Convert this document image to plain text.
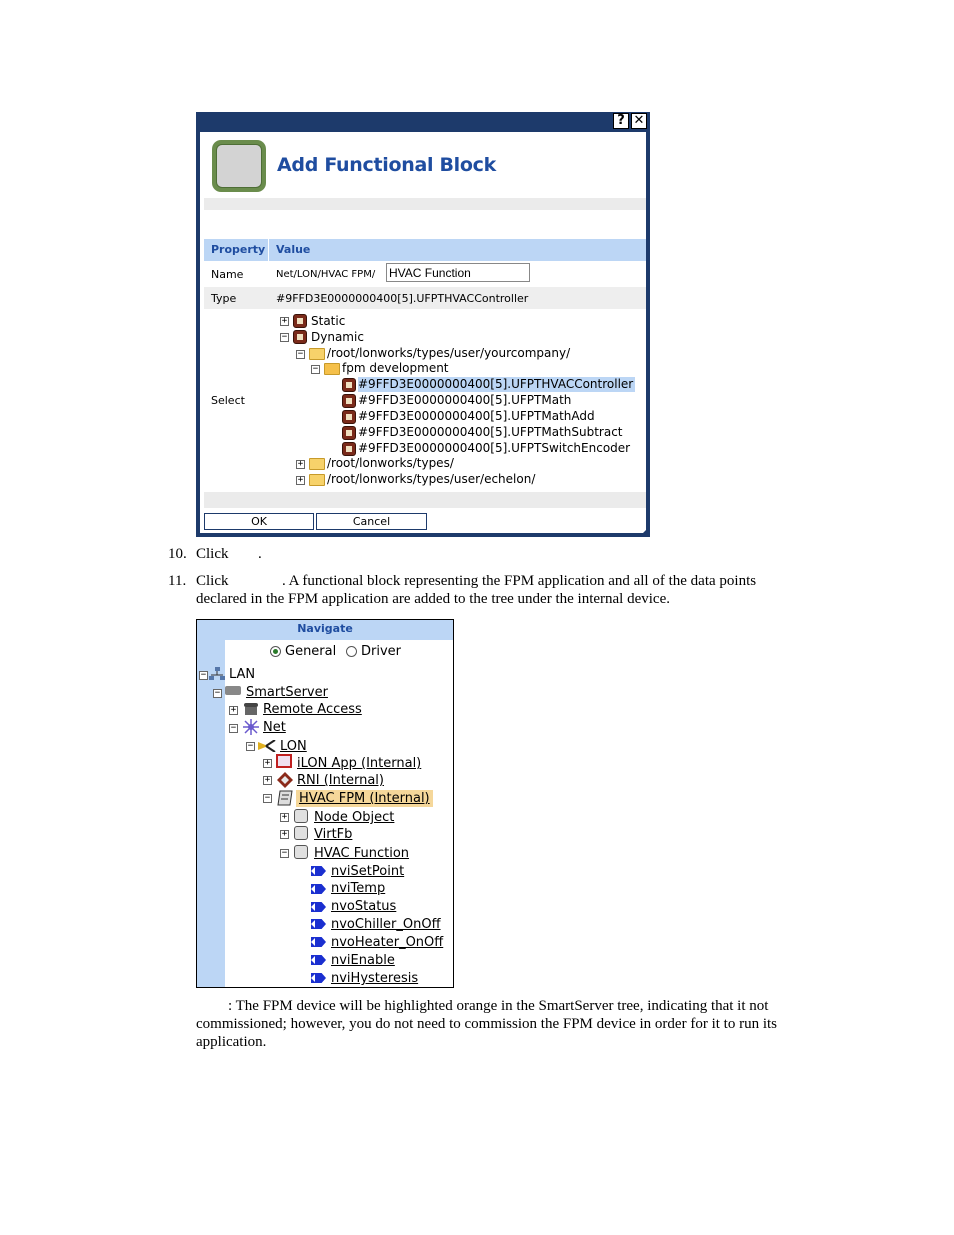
? ✕
Add Functional Block
Property Value
Name	Net/LON/HVAC FPM/
HVAC Function
Type	#9FFD3E0000000400[5].UFPTHVACController
Select
+ Static
− Dynamic
− /root/lonworks/types/user/yourcompany/
− fpm development
#9FFD3E0000000400[5].UFPTHVACController
#9FFD3E0000000400[5].UFPTMath
#9FFD3E0000000400[5].UFPTMathAdd
#9FFD3E0000000400[5].UFPTMathSubtract
#9FFD3E0000000400[5].UFPTSwitchEncoder
+ /root/lonworks/types/
+ /root/lonworks/types/user/echelon/
OK	Cancel
10. Click .
11. Click	. A functional block representing the FPM application and all of the data points
declared in the FPM application are added to the tree under the internal device.
Navigate
General Driver
− LAN
− SmartServer
+ Remote Access
− Net
− LON
+ iLON App (Internal)
+ RNI (Internal)
− HVAC FPM (Internal)
+ Node Object
+ VirtFb
− HVAC Function
nviSetPoint
nviTemp
nvoStatus
nvoChiller_OnOff
nvoHeater_OnOff
nviEnable
nviHysteresis
: The FPM device will be highlighted orange in the SmartServer tree, indicating that it not
commissioned; however, you do not need to commission the FPM device in order for it to run its
application.
